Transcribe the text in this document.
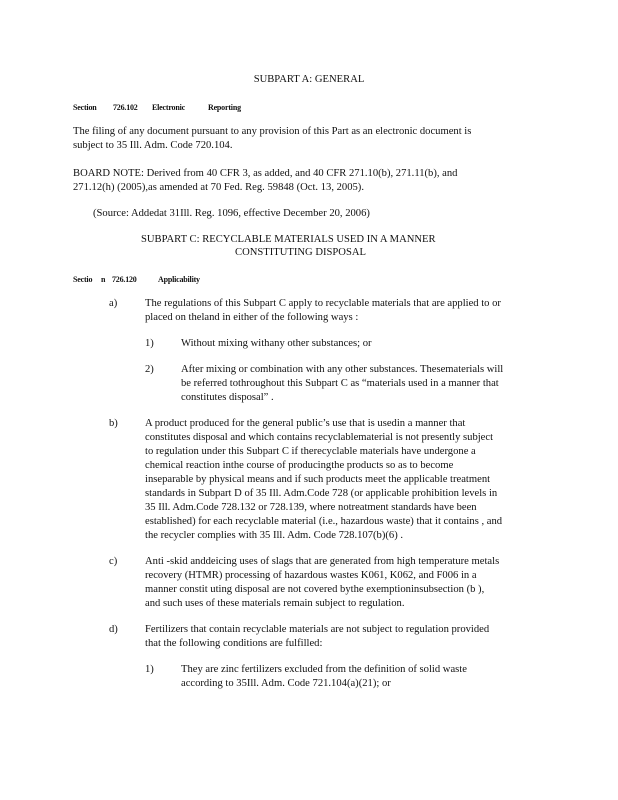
SUBPART A: GENERAL
Section 726.102 Electronic	Reporting
The filing of any document pursuant to any provision of this Part as an electronic document is
subject to 35 Ill. Adm. Code 720.104.
BOARD NOTE: Derived from 40 CFR 3, as added, and 40 CFR 271.10(b), 271.11(b), and
271.12(h) (2005),as amended at 70 Fed. Reg. 59848 (Oct. 13, 2005).
(Source: Addedat 31Ill. Reg. 1096, effective December 20, 2006)
SUBPART C: RECYCLABLE MATERIALS USED IN A MANNER
CONSTITUTING DISPOSAL
Sectio n 726.120	Applicability
a)	The regulations of this Subpart C apply to recyclable materials that are applied to or
placed on theland in either of the following ways :
1)	Without mixing withany other substances; or
2)	After mixing or combination with any other substances. Thesematerials will
be referred tothroughout this Subpart C as “materials used in a manner that
constitutes disposal” .
b)	A product produced for the general public’s use that is usedin a manner that
constitutes disposal and which contains recyclablematerial is not presently subject
to regulation under this Subpart C if therecyclable materials have undergone a
chemical reaction inthe course of producingthe products so as to become
inseparable by physical means and if such products meet the applicable treatment
standards in Subpart D of 35 Ill. Adm.Code 728 (or applicable prohibition levels in
35 Ill. Adm.Code 728.132 or 728.139, where notreatment standards have been
established) for each recyclable material (i.e., hazardous waste) that it contains , and
the recycler complies with 35 Ill. Adm. Code 728.107(b)(6) .
c)	Anti -skid anddeicing uses of slags that are generated from high temperature metals
recovery (HTMR) processing of hazardous wastes K061, K062, and F006 in a
manner constit uting disposal are not covered bythe exemptioninsubsection (b ),
and such uses of these materials remain subject to regulation.
d)	Fertilizers that contain recyclable materials are not subject to regulation provided
that the following conditions are fulfilled:
1)	They are zinc fertilizers excluded from the definition of solid waste
according to 35Ill. Adm. Code 721.104(a)(21); or
